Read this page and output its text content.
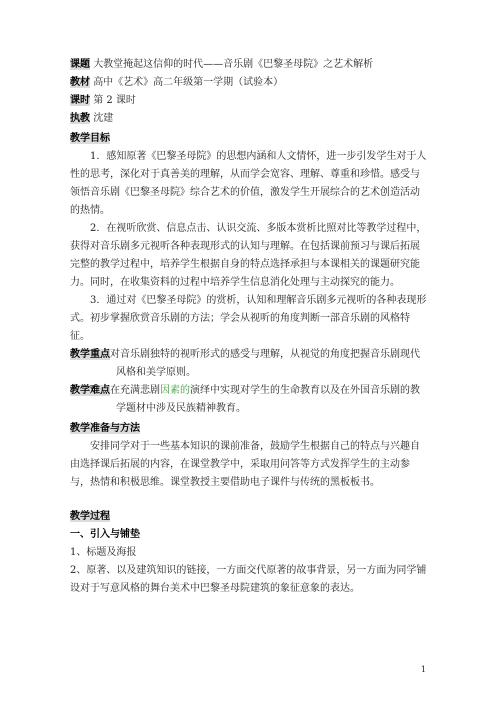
课题 大教堂掩起这信仰的时代——音乐剧《巴黎圣母院》之艺术解析
教材 高中《艺术》高二年级第一学期（试验本）
课时 第 2 课时
执教 沈建
教学目标
1．感知原著《巴黎圣母院》的思想内涵和人文情怀，进一步引发学生对于人性的思考，深化对于真善美的理解，从而学会宽容、理解、尊重和珍惜。感受与领悟音乐剧《巴黎圣母院》综合艺术的价值，激发学生开展综合的艺术创造活动的热情。
2．在视听欣赏、信息点击、认识交流、多版本赏析比照对比等教学过程中，获得对音乐剧多元视听各种表现形式的认知与理解。在包括课前预习与课后拓展完整的教学过程中，培养学生根据自身的特点选择承担与本课相关的课题研究能力。同时，在收集资料的过程中培养学生信息消化处理与主动探究的能力。
3．通过对《巴黎圣母院》的赏析，认知和理解音乐剧多元视听的各种表现形式。初步掌握欣赏音乐剧的方法；学会从视听的角度判断一部音乐剧的风格特征。
教学重点对音乐剧独特的视听形式的感受与理解，从视觉的角度把握音乐剧现代风格和美学原则。
教学难点在充满悲剧因素的演绎中实现对学生的生命教育以及在外国音乐剧的教学题材中涉及民族精神教育。
教学准备与方法
安排同学对于一些基本知识的课前准备，鼓励学生根据自己的特点与兴趣自由选择课后拓展的内容，在课堂教学中，采取用问答等方式发挥学生的主动参与，热情和积极思维。课堂教授主要借助电子课件与传统的黑板板书。
教学过程
一、引入与铺垫
1、标题及海报
2、原著、以及建筑知识的链接，一方面交代原著的故事背景，另一方面为同学铺设对于写意风格的舞台美术中巴黎圣母院建筑的象征意象的表达。
1
